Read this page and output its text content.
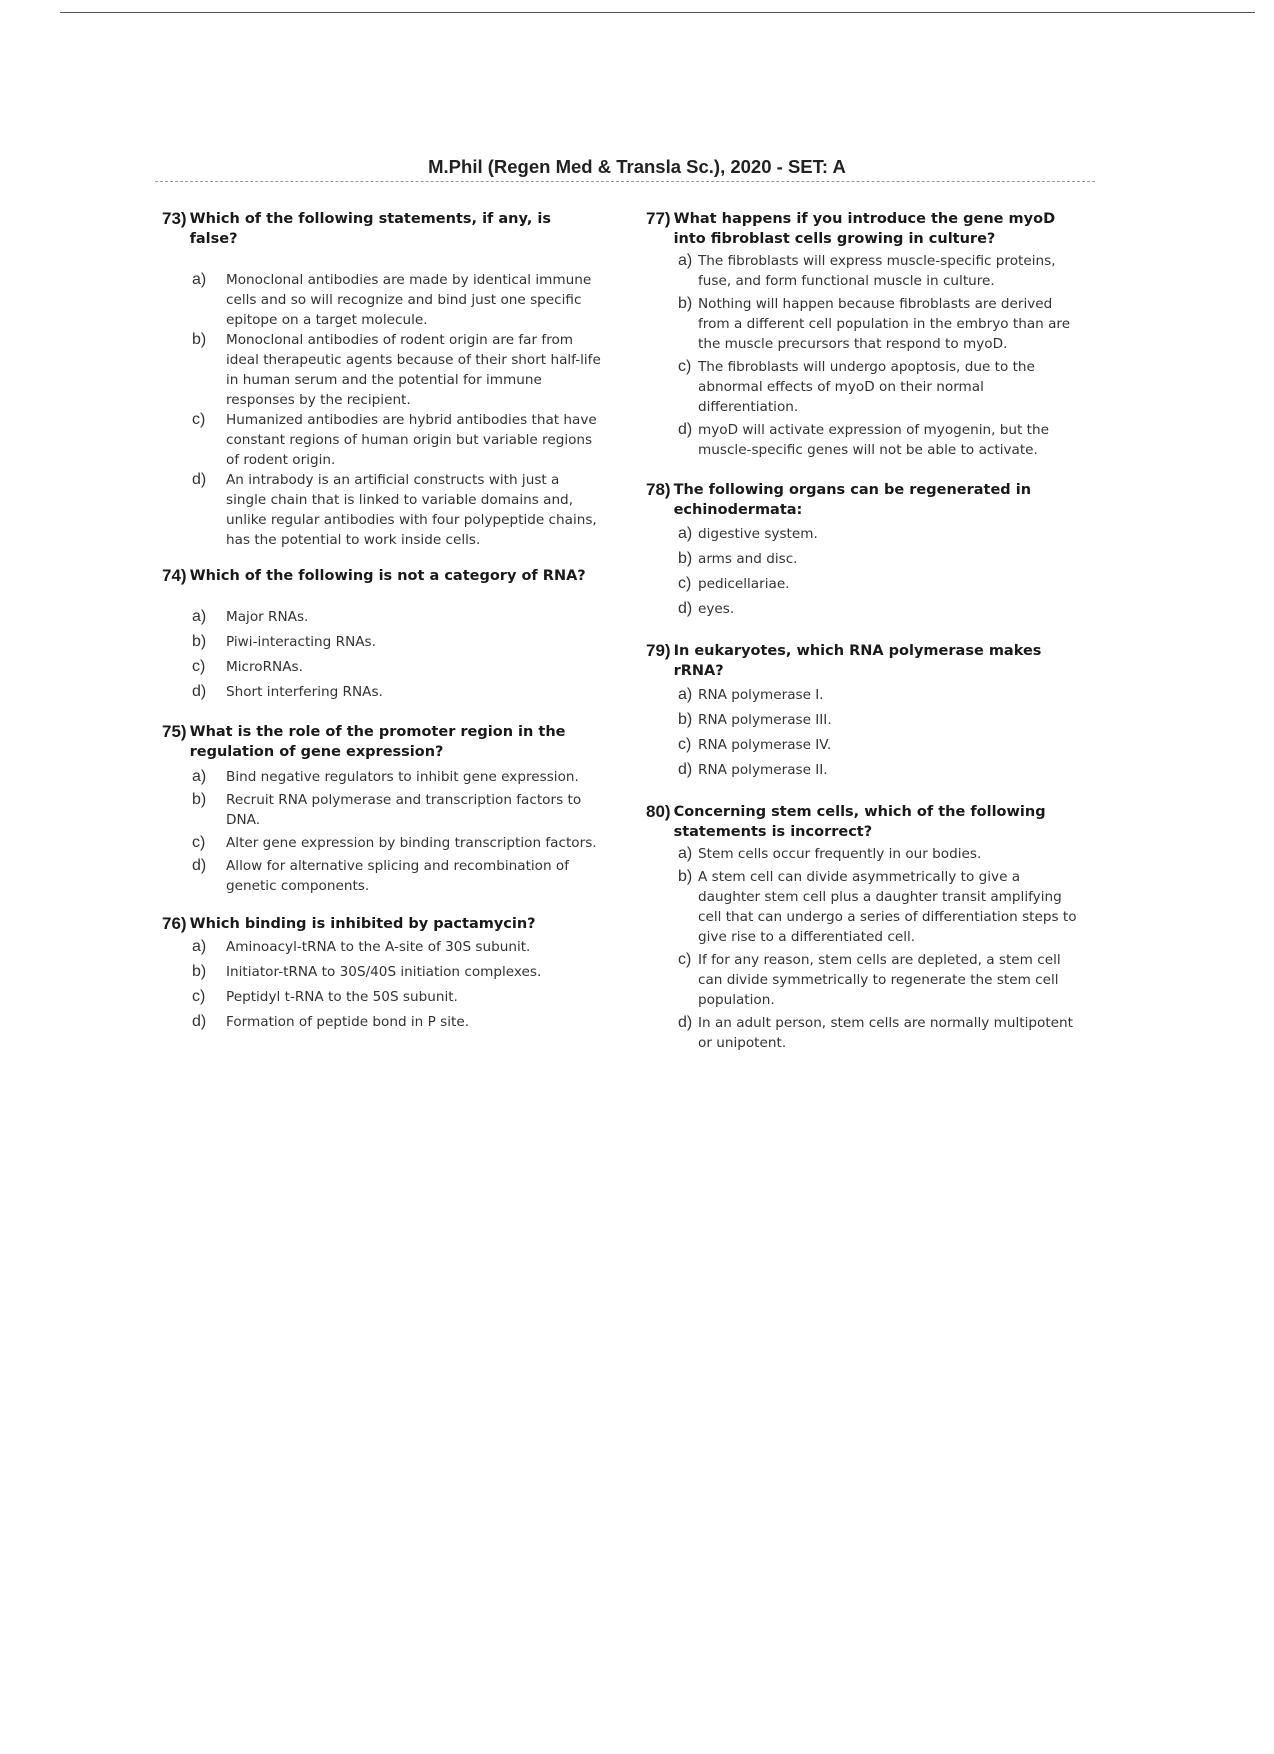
M.Phil (Regen Med & Transla Sc.), 2020 - SET: A
73) Which of the following statements, if any, is false?
a)	Monoclonal antibodies are made by identical immune cells and so will recognize and bind just one specific epitope on a target molecule.
b)	Monoclonal antibodies of rodent origin are far from ideal therapeutic agents because of their short half-life in human serum and the potential for immune responses by the recipient.
c)	Humanized antibodies are hybrid antibodies that have constant regions of human origin but variable regions of rodent origin.
d)	An intrabody is an artificial constructs with just a single chain that is linked to variable domains and, unlike regular antibodies with four polypeptide chains, has the potential to work inside cells.
74) Which of the following is not a category of RNA?
a)	Major RNAs.
b)	Piwi-interacting RNAs.
c)	MicroRNAs.
d)	Short interfering RNAs.
75) What is the role of the promoter region in the regulation of gene expression?
a)	Bind negative regulators to inhibit gene expression.
b)	Recruit RNA polymerase and transcription factors to DNA.
c)	Alter gene expression by binding transcription factors.
d)	Allow for alternative splicing and recombination of genetic components.
76) Which binding is inhibited by pactamycin?
a)	Aminoacyl-tRNA to the A-site of 30S subunit.
b)	Initiator-tRNA to 30S/40S initiation complexes.
c)	Peptidyl t-RNA to the 50S subunit.
d)	Formation of peptide bond in P site.
77) What happens if you introduce the gene myoD into fibroblast cells growing in culture?
a) The fibroblasts will express muscle-specific proteins, fuse, and form functional muscle in culture.
b) Nothing will happen because fibroblasts are derived from a different cell population in the embryo than are the muscle precursors that respond to myoD.
c) The fibroblasts will undergo apoptosis, due to the abnormal effects of myoD on their normal differentiation.
d) myoD will activate expression of myogenin, but the muscle-specific genes will not be able to activate.
78) The following organs can be regenerated in echinodermata:
a) digestive system.
b) arms and disc.
c) pedicellariae.
d) eyes.
79) In eukaryotes, which RNA polymerase makes rRNA?
a) RNA polymerase I.
b) RNA polymerase III.
c) RNA polymerase IV.
d) RNA polymerase II.
80) Concerning stem cells, which of the following statements is incorrect?
a) Stem cells occur frequently in our bodies.
b) A stem cell can divide asymmetrically to give a daughter stem cell plus a daughter transit amplifying cell that can undergo a series of differentiation steps to give rise to a differentiated cell.
c) If for any reason, stem cells are depleted, a stem cell can divide symmetrically to regenerate the stem cell population.
d) In an adult person, stem cells are normally multipotent or unipotent.
